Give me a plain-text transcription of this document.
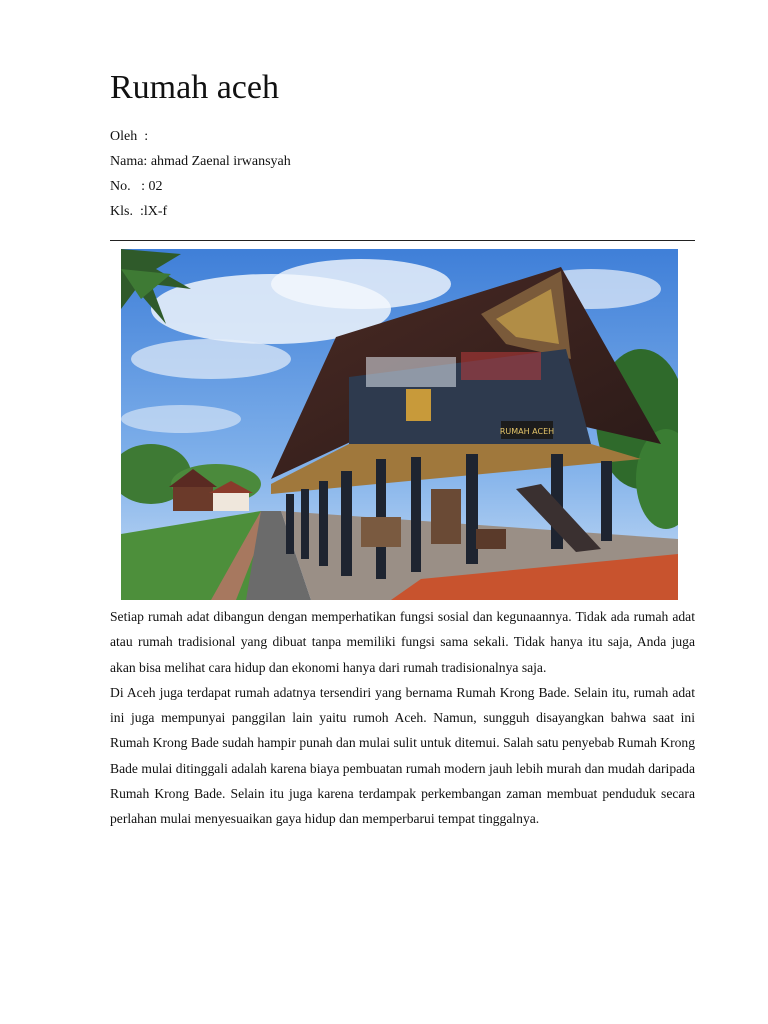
Rumah aceh
Oleh  :
Nama: ahmad Zaenal irwansyah
No.   : 02
Kls.  :lX-f
RUMAH ACEH

Setiap rumah adat dibangun dengan memperhatikan fungsi sosial dan kegunaannya. Tidak ada rumah adat atau rumah tradisional yang dibuat tanpa memiliki fungsi sama sekali. Tidak hanya itu saja, Anda juga akan bisa melihat cara hidup dan ekonomi hanya dari rumah tradisionalnya saja.

Di Aceh juga terdapat rumah adatnya tersendiri yang bernama Rumah Krong Bade. Selain itu, rumah adat ini juga mempunyai panggilan lain yaitu rumoh Aceh. Namun, sungguh disayangkan bahwa saat ini Rumah Krong Bade sudah hampir punah dan mulai sulit untuk ditemui. Salah satu penyebab Rumah Krong Bade mulai ditinggali adalah karena biaya pembuatan rumah modern jauh lebih murah dan mudah daripada Rumah Krong Bade. Selain itu juga karena terdampak perkembangan zaman membuat penduduk secara perlahan mulai menyesuaikan gaya hidup dan memperbarui tempat tinggalnya.
